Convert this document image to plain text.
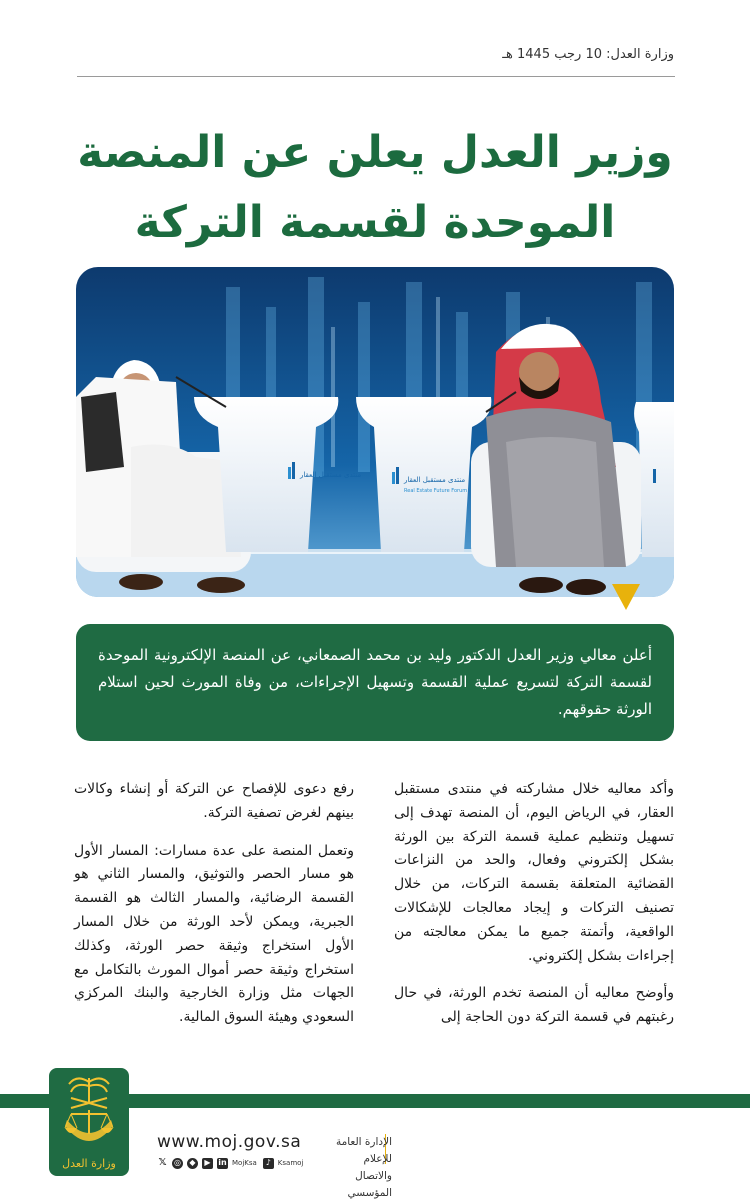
وزارة العدل: 10 رجب 1445 هـ
وزير العدل يعلن عن المنصة
الموحدة لقسمة التركة
منتدى مستقبل العقار
منتدى مستقبل العقار
Real Estate Future Forum

أعلن معالي وزير العدل الدكتور وليد بن محمد الصمعاني، عن المنصة الإلكترونية الموحدة لقسمة التركة لتسريع عملية القسمة وتسهيل الإجراءات، من وفاة المورث لحين استلام الورثة حقوقهم.

وأكد معاليه خلال مشاركته في منتدى مستقبل العقار، في الرياض اليوم، أن المنصة تهدف إلى تسهيل وتنظيم عملية قسمة التركة بين الورثة بشكل إلكتروني وفعال، والحد من النزاعات القضائية المتعلقة بقسمة التركات، من خلال تصنيف التركات و إيجاد معالجات للإشكالات الواقعية، وأتمتة جميع ما يمكن معالجته من إجراءات بشكل إلكتروني.

وأوضح معاليه أن المنصة تخدم الورثة، في حال رغبتهم في قسمة التركة دون الحاجة إلى

رفع دعوى للإفصاح عن التركة أو إنشاء وكالات بينهم لغرض تصفية التركة.

وتعمل المنصة على عدة مسارات: المسار الأول هو مسار الحصر والتوثيق، والمسار الثاني هو القسمة الرضائية، والمسار الثالث هو القسمة الجبرية، ويمكن لأحد الورثة من خلال المسار الأول استخراج وثيقة حصر الورثة، وكذلك استخراج وثيقة حصر أموال المورث بالتكامل مع الجهات مثل وزارة الخارجية والبنك المركزي السعودي وهيئة السوق المالية.

وزارة العدل
www.moj.gov.sa
𝕏 ◎	◆	▶ in MojKsa	♪ Ksamoj
الإدارة العامة للإعلام
والاتصال المؤسسي
